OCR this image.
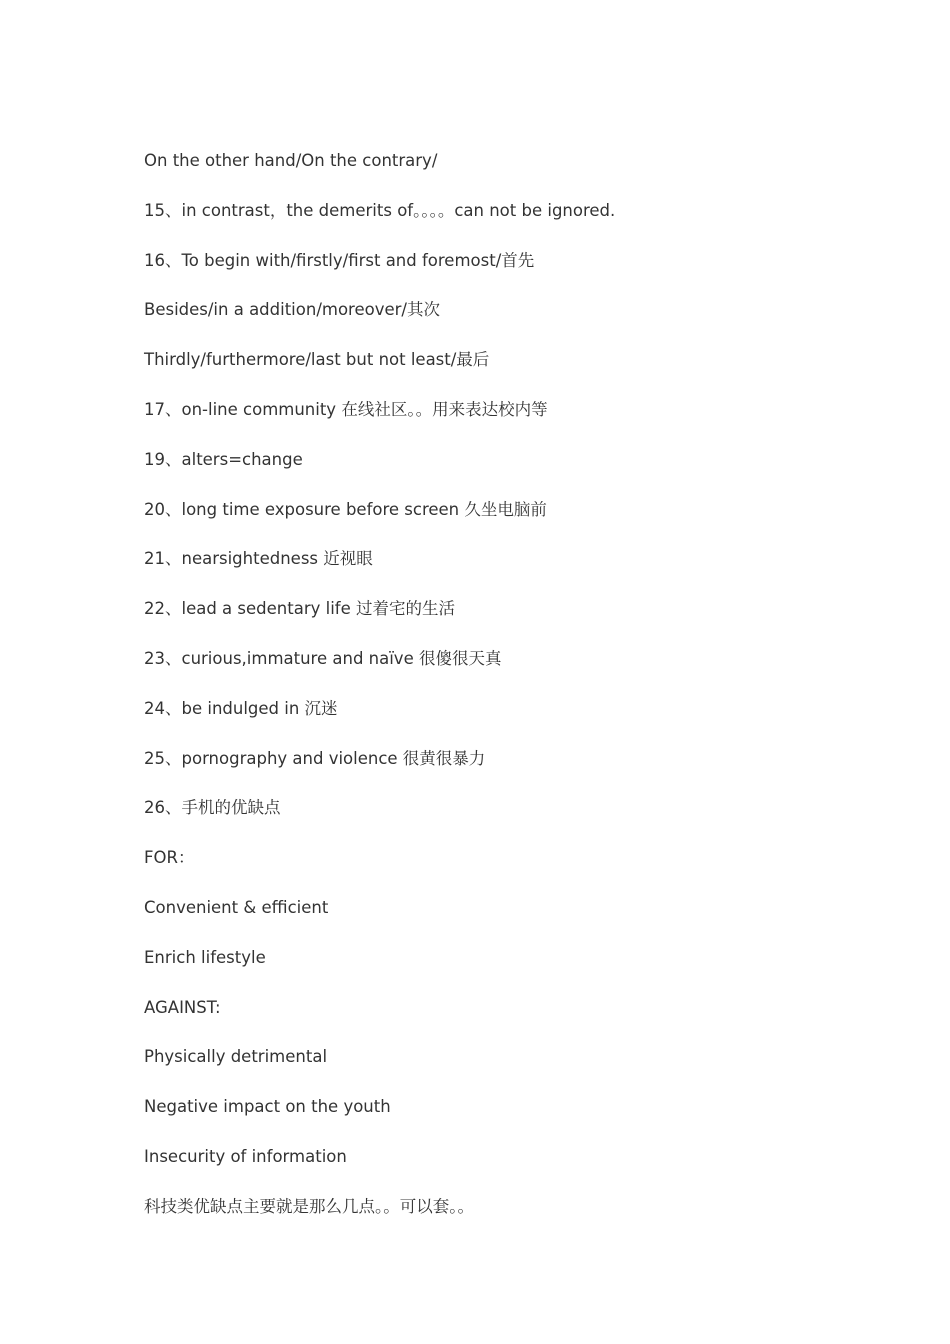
On the other hand/On the contrary/
15、in contrast，the demerits of。。。。can not be ignored.
16、To begin with/firstly/first and foremost/首先
Besides/in a addition/moreover/其次
Thirdly/furthermore/last but not least/最后
17、on-line community 在线社区。。用来表达校内等
19、alters=change
20、long time exposure before screen 久坐电脑前
21、nearsightedness 近视眼
22、lead a sedentary life 过着宅的生活
23、curious,immature and naïve 很傻很天真
24、be indulged in 沉迷
25、pornography and violence 很黄很暴力
26、手机的优缺点
FOR：
Convenient & efficient
Enrich lifestyle
AGAINST:
Physically detrimental
Negative impact on the youth
Insecurity of information
科技类优缺点主要就是那么几点。。可以套。。
